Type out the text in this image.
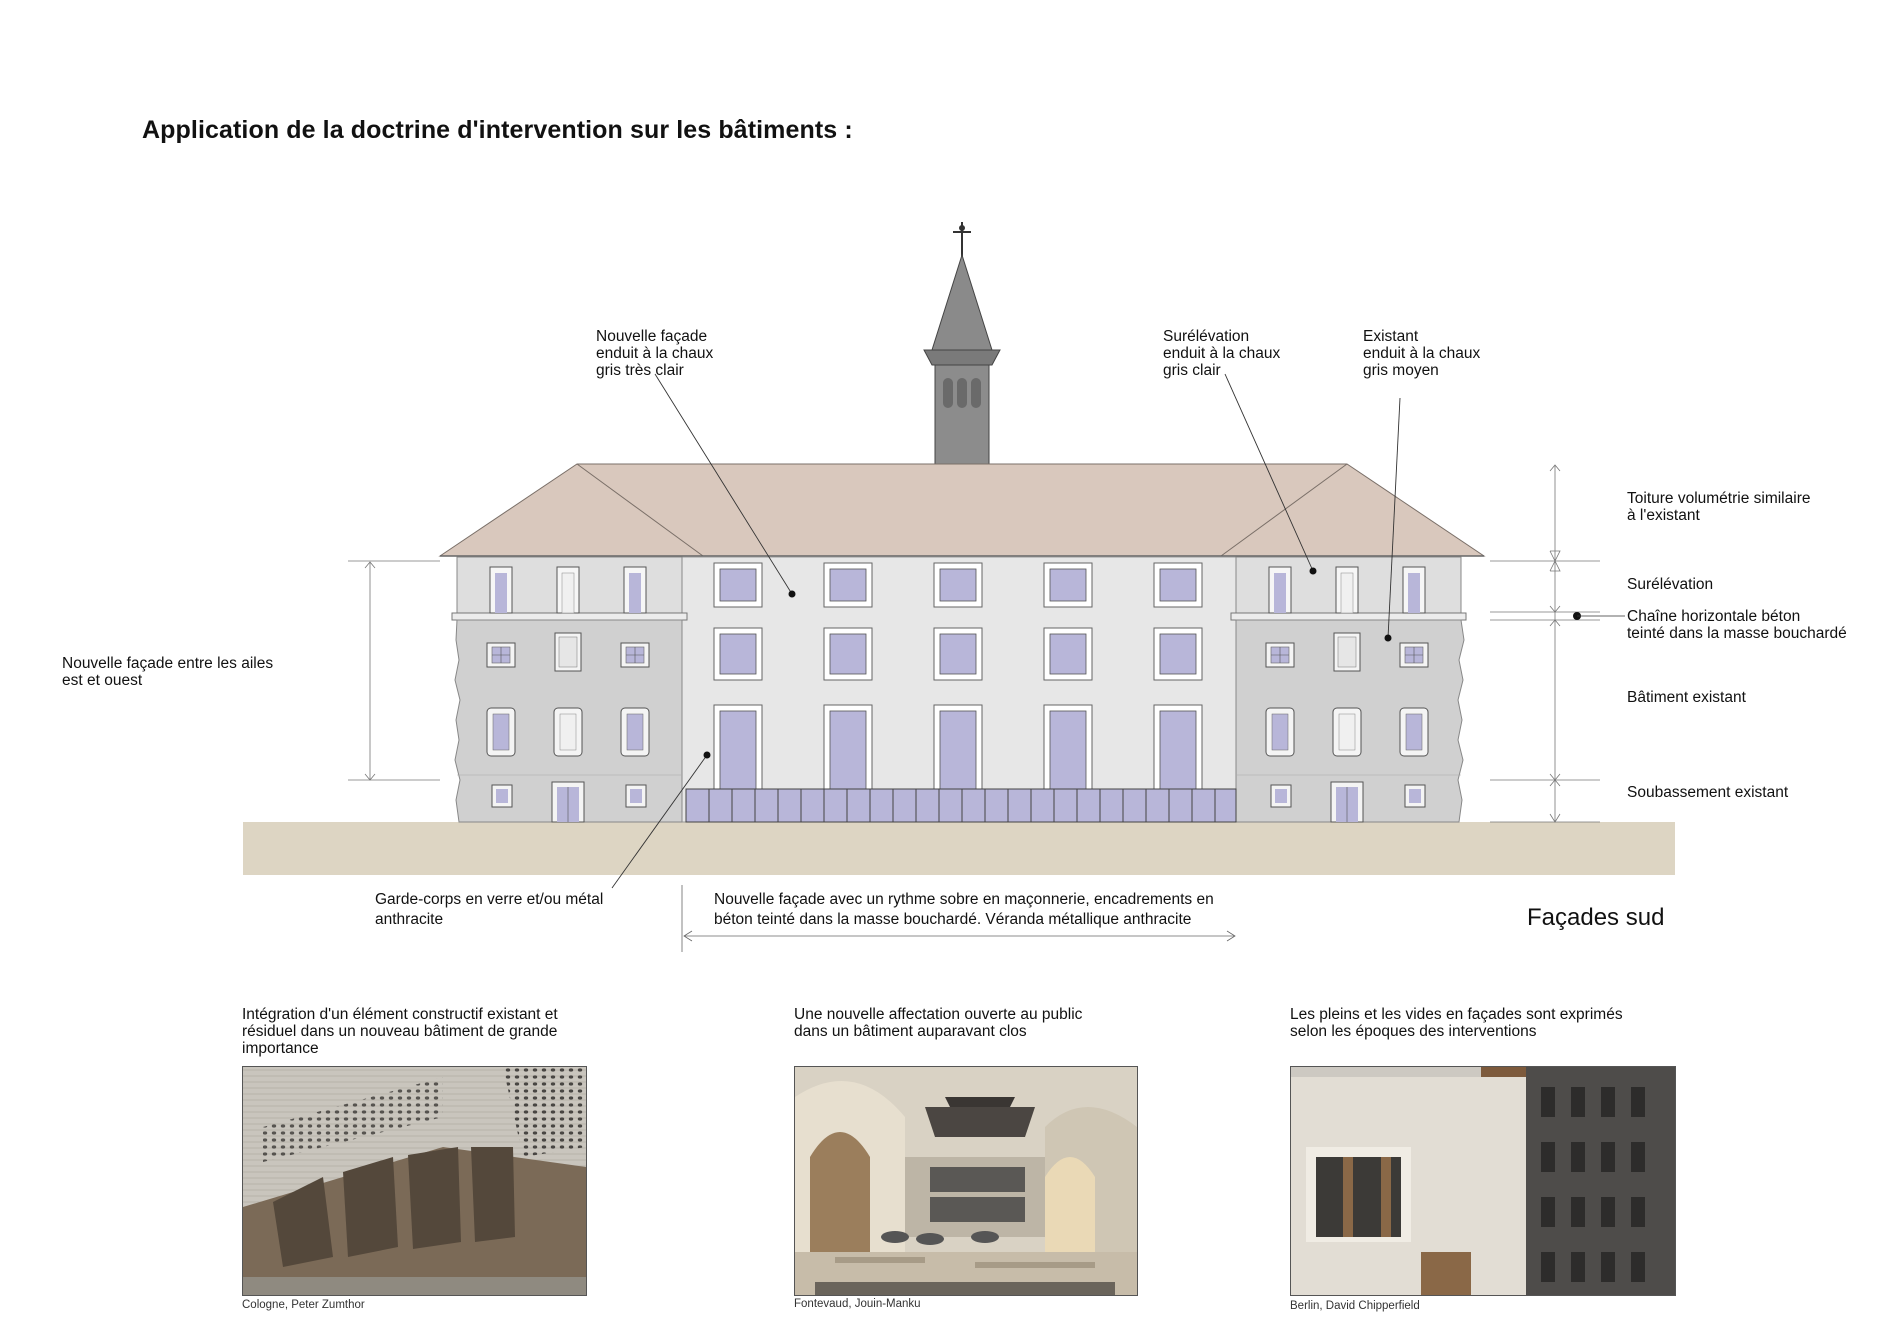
Application de la doctrine d'intervention sur les bâtiments :
Nouvelle façade
enduit à la chaux
gris très clair
Surélévation
enduit à la chaux
gris clair
Existant
enduit à la chaux
gris moyen
Nouvelle façade entre les ailes
est et ouest
Garde-corps en verre et/ou métal
anthracite
Nouvelle façade avec un rythme sobre en maçonnerie, encadrements en
béton teinté dans la masse bouchardé. Véranda métallique anthracite
Toiture volumétrie similaire
à l'existant
Surélévation
Chaîne horizontale béton
teinté dans la masse bouchardé
Bâtiment existant
Soubassement existant
Façades sud
Intégration d'un élément constructif existant et
résiduel dans un nouveau bâtiment de grande
importance
Une nouvelle affectation ouverte au public
dans un bâtiment auparavant clos
Les pleins et les vides en façades sont exprimés
selon les époques des interventions
Cologne, Peter Zumthor	Fontevaud, Jouin-Manku	Berlin, David Chipperfield
